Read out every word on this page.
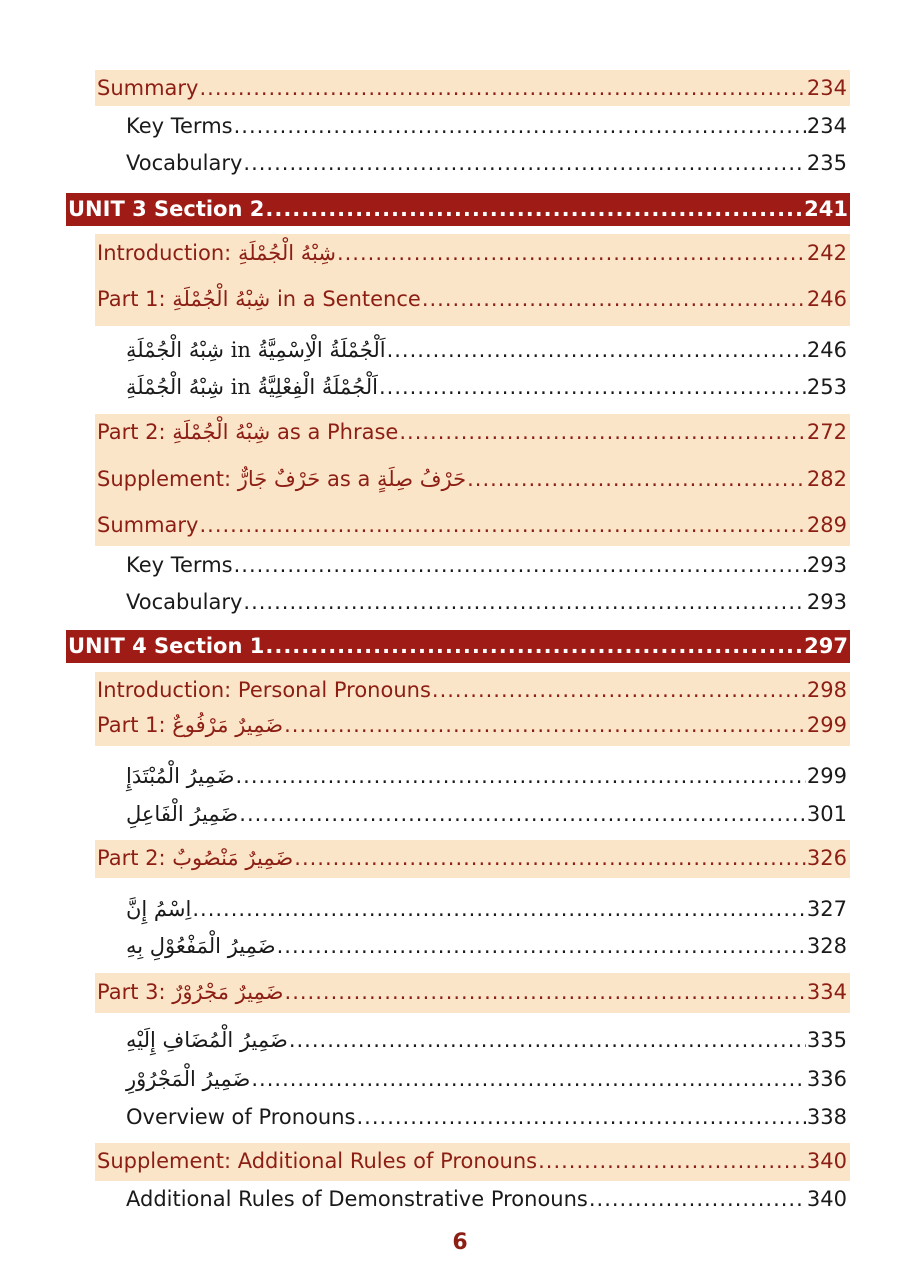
Summary .....	234
Key Terms .....	234
Vocabulary .....	235
UNIT 3 Section 2 .....	241
Introduction: شِبْهُ الْجُمْلَةِ .....	242
Part 1: شِبْهُ الْجُمْلَةِ in a Sentence .....	246
اَلْجُمْلَةُ الْاِسْمِيَّةُ in شِبْهُ الْجُمْلَةِ .....	246
اَلْجُمْلَةُ الْفِعْلِيَّةُ in شِبْهُ الْجُمْلَةِ .....	253
Part 2: شِبْهُ الْجُمْلَةِ as a Phrase .....	272
Supplement: حَرْفٌ جَارٌّ as a حَرْفُ صِلَةٍ .....	282
Summary .....	289
Key Terms .....	293
Vocabulary .....	293
UNIT 4 Section 1 .....	297
Introduction: Personal Pronouns .....	298
Part 1: ضَمِيرٌ مَرْفُوعٌ .....	299
ضَمِيرُ الْمُبْتَدَإِ .....	299
ضَمِيرُ الْفَاعِلِ .....	301
Part 2: ضَمِيرٌ مَنْصُوبٌ .....	326
اِسْمُ إِنَّ .....	327
ضَمِيرُ الْمَفْعُوْلِ بِهِ .....	328
Part 3: ضَمِيرٌ مَجْرُوْرٌ .....	334
ضَمِيرُ الْمُضَافِ إِلَيْهِ .....	335
ضَمِيرُ الْمَجْرُوْرِ .....	336
Overview of Pronouns .....	338
Supplement: Additional Rules of Pronouns .....	340
Additional Rules of Demonstrative Pronouns .....	340
6
